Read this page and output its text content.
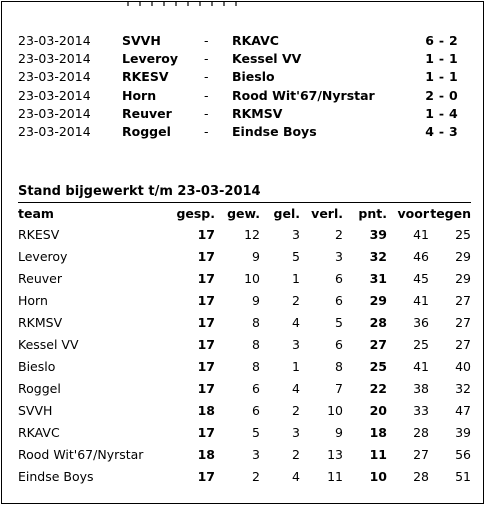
23-03-2014	SVVH	- RKAVC	6 - 2
23-03-2014	Leveroy - Kessel VV	1 - 1
23-03-2014	RKESV	- Bieslo	1 - 1
23-03-2014	Horn	- Rood Wit'67/Nyrstar	2 - 0
23-03-2014	Reuver	- RKMSV	1 - 4
23-03-2014	Roggel	- Eindse Boys	4 - 3
Stand bijgewerkt t/m 23-03-2014
team	gesp.	gew.	gel.	verl.	pnt.	voor	tegen
RKESV	17	12	3	2	39	41	25
Leveroy	17	9	5	3	32	46	29
Reuver	17	10	1	6	31	45	29
Horn	17	9	2	6	29	41	27
RKMSV	17	8	4	5	28	36	27
Kessel VV	17	8	3	6	27	25	27
Bieslo	17	8	1	8	25	41	40
Roggel	17	6	4	7	22	38	32
SVVH	18	6	2	10	20	33	47
RKAVC	17	5	3	9	18	28	39
Rood Wit'67/Nyrstar	18	3	2	13	11	27	56
Eindse Boys	17	2	4	11	10	28	51
